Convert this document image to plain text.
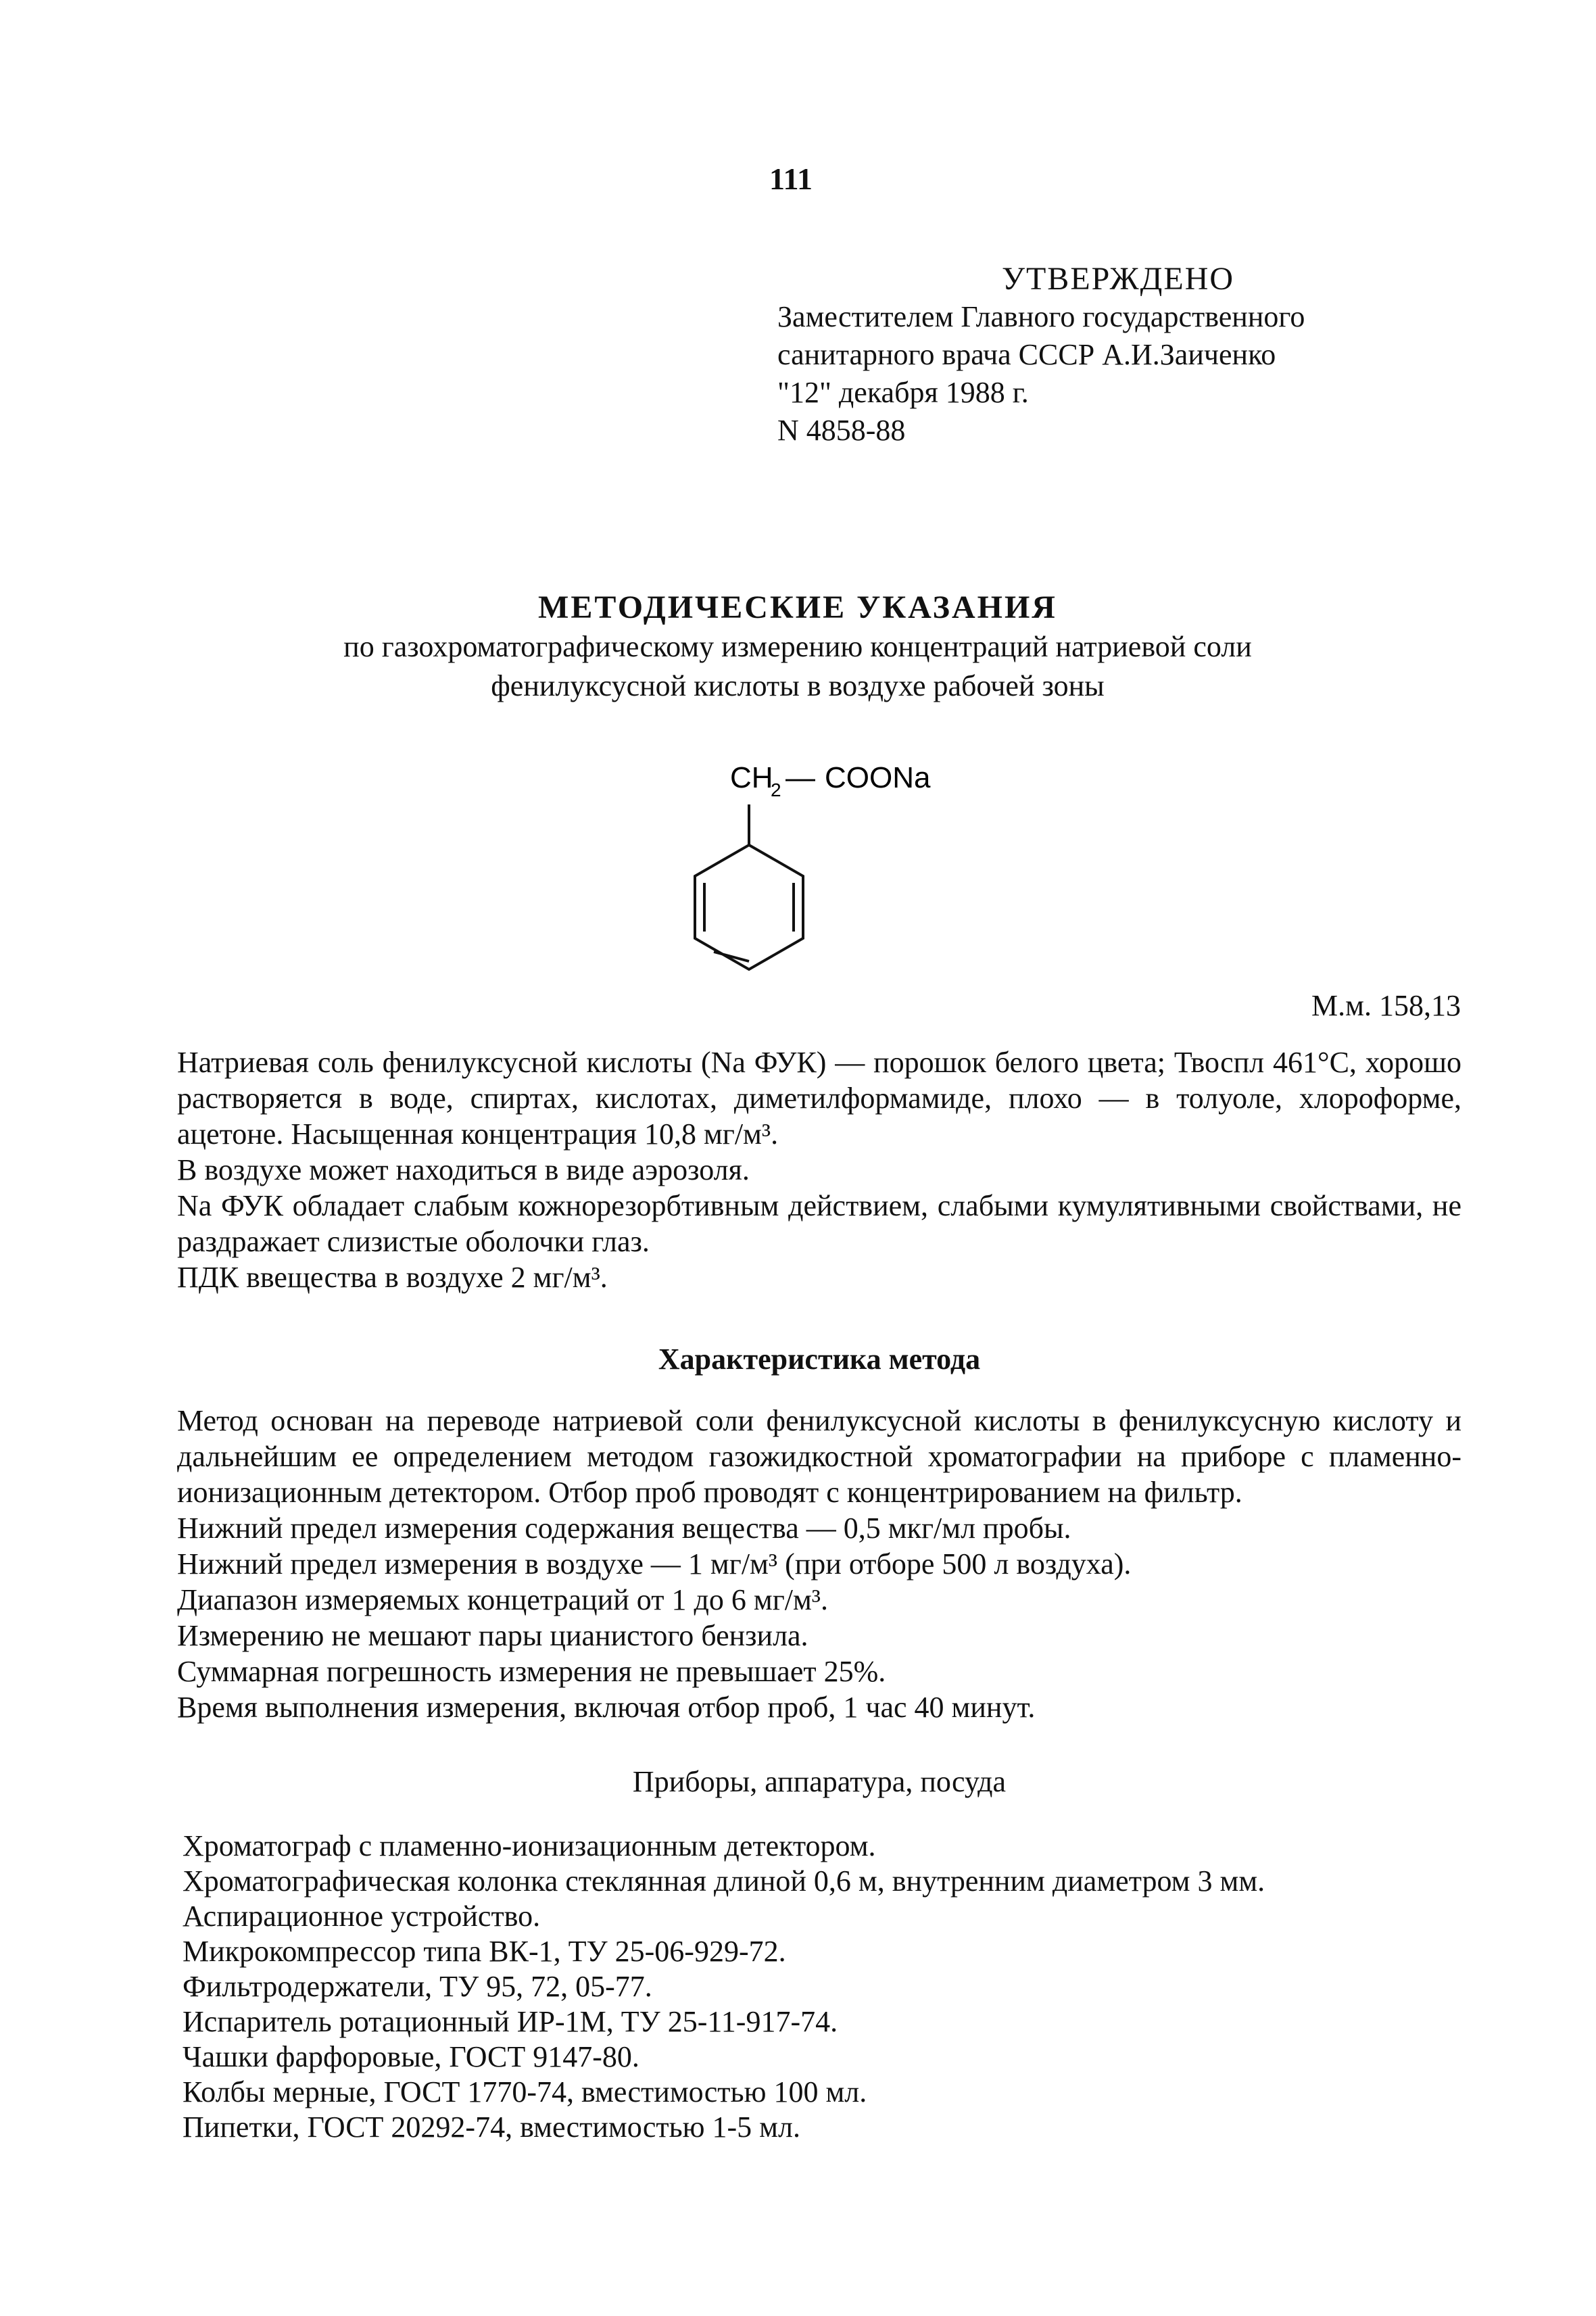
111
УТВЕРЖДЕНО
Заместителем Главного государственного
санитарного врача СССР А.И.Заиченко
"12" декабря 1988 г.
N 4858-88
МЕТОДИЧЕСКИЕ УКАЗАНИЯ
по газохроматографическому измерению концентраций натриевой соли
фенилуксусной кислоты в воздухе рабочей зоны
CH
2 — COONa
М.м. 158,13

Натриевая соль фенилуксусной кислоты (Na ФУК) — порошок белого цвета; Твоспл 461°С, хорошо растворяется в воде, спиртах, кислотах, диметилформамиде, плохо — в толуоле, хлороформе, ацетоне. Насыщенная концентрация 10,8 мг/м³.

В воздухе может находиться в виде аэрозоля.

Na ФУК обладает слабым кожнорезорбтивным действием, слабыми кумулятивными свойствами, не раздражает слизистые оболочки глаз.

ПДК ввещества в воздухе 2 мг/м³.

Характеристика метода

Метод основан на переводе натриевой соли фенилуксусной кислоты в фенилуксусную кислоту и дальнейшим ее определением методом газожидкостной хроматографии на приборе с пламенно-ионизационным детектором. Отбор проб проводят с концентрированием на фильтр.

Нижний предел измерения содержания вещества — 0,5 мкг/мл пробы.

Нижний предел измерения в воздухе — 1 мг/м³ (при отборе 500 л воздуха).

Диапазон измеряемых концетраций от 1 до 6 мг/м³.

Измерению не мешают пары цианистого бензила.

Суммарная погрешность измерения не превышает 25%.

Время выполнения измерения, включая отбор проб, 1 час 40 минут.

Приборы, аппаратура, посуда
Хроматограф с пламенно-ионизационным детектором.
Хроматографическая колонка стеклянная длиной 0,6 м, внутренним диаметром 3 мм.
Аспирационное устройство.
Микрокомпрессор типа ВК-1, ТУ 25-06-929-72.
Фильтродержатели, ТУ 95, 72, 05-77.
Испаритель ротационный ИР-1М, ТУ 25-11-917-74.
Чашки фарфоровые, ГОСТ 9147-80.
Колбы мерные, ГОСТ 1770-74, вместимостью 100 мл.
Пипетки, ГОСТ 20292-74, вместимостью 1-5 мл.
